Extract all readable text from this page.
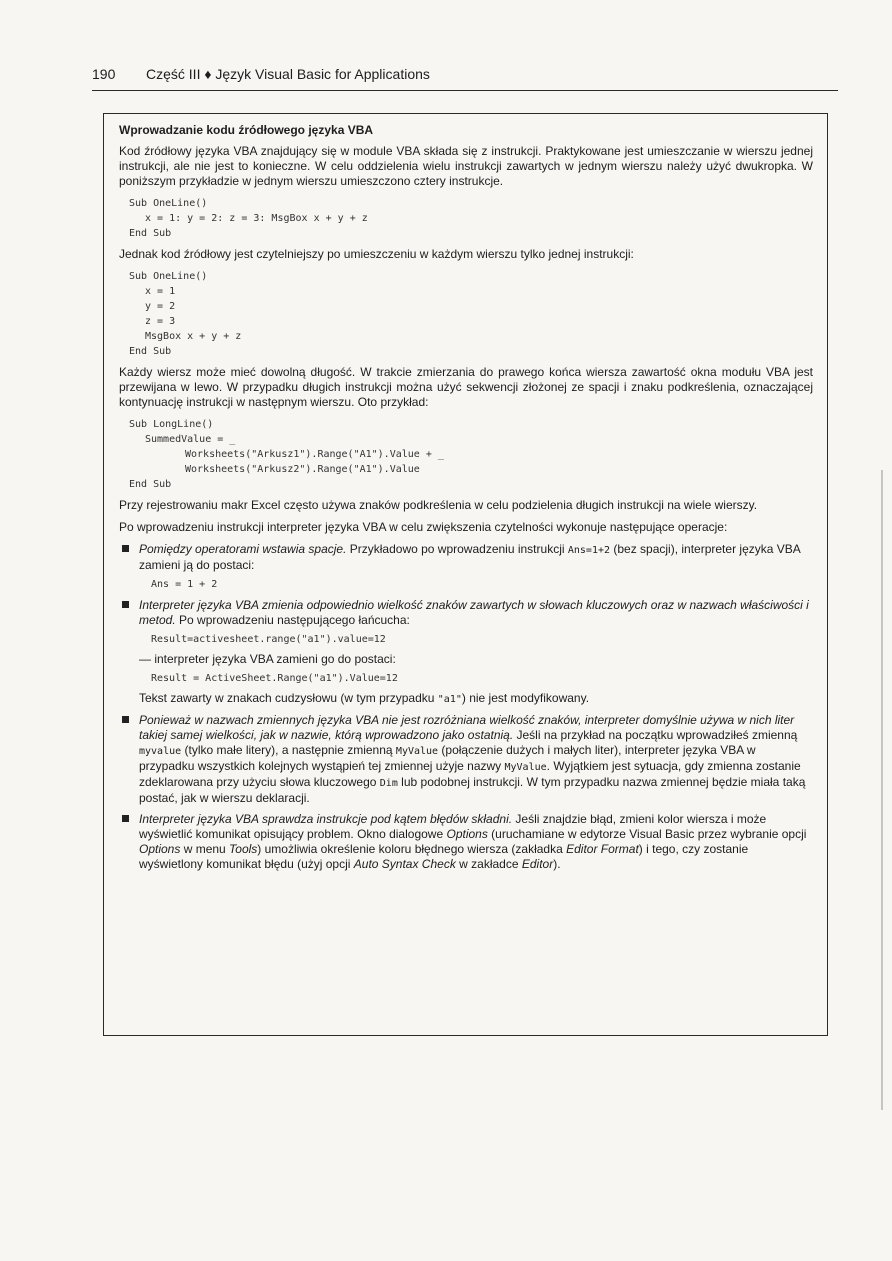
190 Część III ♦ Język Visual Basic for Applications
Wprowadzanie kodu źródłowego języka VBA

Kod źródłowy języka VBA znajdujący się w module VBA składa się z instrukcji. Praktykowane jest umieszczanie w wierszu jednej instrukcji, ale nie jest to konieczne. W celu oddzielenia wielu instrukcji zawartych w jednym wierszu należy użyć dwukropka. W poniższym przykładzie w jednym wierszu umieszczono cztery instrukcje.

Sub OneLine()
x = 1: y = 2: z = 3: MsgBox x + y + z
End Sub

Jednak kod źródłowy jest czytelniejszy po umieszczeniu w każdym wierszu tylko jednej instrukcji:

Sub OneLine()
x = 1
y = 2
z = 3
MsgBox x + y + z
End Sub

Każdy wiersz może mieć dowolną długość. W trakcie zmierzania do prawego końca wiersza zawartość okna modułu VBA jest przewijana w lewo. W przypadku długich instrukcji można użyć sekwencji złożonej ze spacji i znaku podkreślenia, oznaczającej kontynuację instrukcji w następnym wierszu. Oto przykład:

Sub LongLine()
SummedValue = _
Worksheets("Arkusz1").Range("A1").Value + _
Worksheets("Arkusz2").Range("A1").Value
End Sub

Przy rejestrowaniu makr Excel często używa znaków podkreślenia w celu podzielenia długich instrukcji na wiele wierszy.

Po wprowadzeniu instrukcji interpreter języka VBA w celu zwiększenia czytelności wykonuje następujące operacje:

Pomiędzy operatorami wstawia spacje. Przykładowo po wprowadzeniu instrukcji Ans=1+2 (bez spacji), interpreter języka VBA zamieni ją do postaci:
Ans = 1 + 2
Interpreter języka VBA zmienia odpowiednio wielkość znaków zawartych w słowach kluczowych oraz w nazwach właściwości i metod. Po wprowadzeniu następującego łańcucha:
Result=activesheet.range("a1").value=12
— interpreter języka VBA zamieni go do postaci:
Result = ActiveSheet.Range("a1").Value=12
Tekst zawarty w znakach cudzysłowu (w tym przypadku "a1") nie jest modyfikowany.
Ponieważ w nazwach zmiennych języka VBA nie jest rozróżniana wielkość znaków, interpreter domyślnie używa w nich liter takiej samej wielkości, jak w nazwie, którą wprowadzono jako ostatnią. Jeśli na przykład na początku wprowadziłeś zmienną myvalue (tylko małe litery), a następnie zmienną MyValue (połączenie dużych i małych liter), interpreter języka VBA w przypadku wszystkich kolejnych wystąpień tej zmiennej użyje nazwy MyValue. Wyjątkiem jest sytuacja, gdy zmienna zostanie zdeklarowana przy użyciu słowa kluczowego Dim lub podobnej instrukcji. W tym przypadku nazwa zmiennej będzie miała taką postać, jak w wierszu deklaracji.
Interpreter języka VBA sprawdza instrukcje pod kątem błędów składni. Jeśli znajdzie błąd, zmieni kolor wiersza i może wyświetlić komunikat opisujący problem. Okno dialogowe Options (uruchamiane w edytorze Visual Basic przez wybranie opcji Options w menu Tools) umożliwia określenie koloru błędnego wiersza (zakładka Editor Format) i tego, czy zostanie wyświetlony komunikat błędu (użyj opcji Auto Syntax Check w zakładce Editor).
